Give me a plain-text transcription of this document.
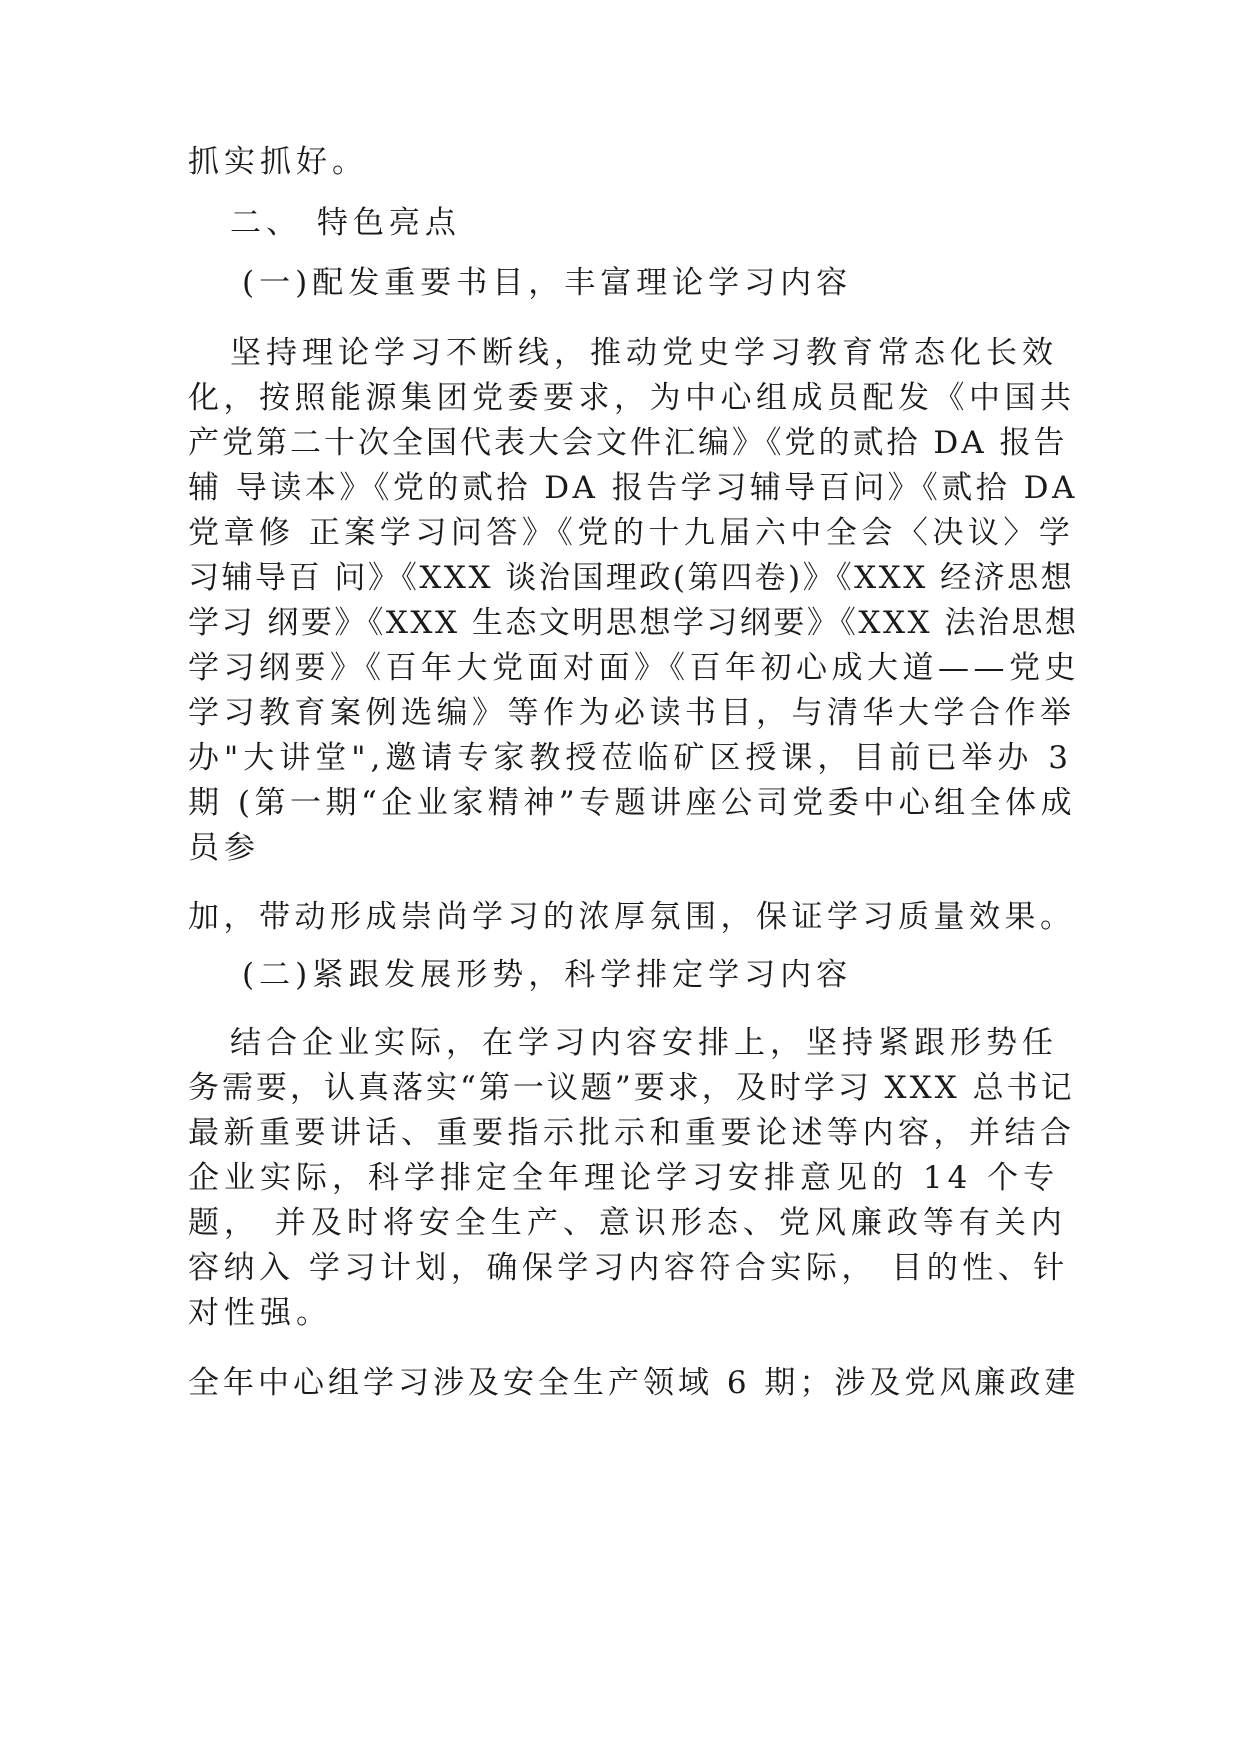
抓实抓好。
二、 特色亮点
(一)配发重要书目，丰富理论学习内容
坚持理论学习不断线，推动党史学习教育常态化长效
化，按照能源集团党委要求，为中心组成员配发《中国共
产党第二十次全国代表大会文件汇编》《党的贰拾 DA 报告
辅 导读本》《党的贰拾 DA 报告学习辅导百问》《贰拾 DA
党章修 正案学习问答》《党的十九届六中全会〈决议〉学
习辅导百 问》《XXX 谈治国理政(第四卷)》《XXX 经济思想
学习 纲要》《XXX 生态文明思想学习纲要》《XXX 法治思想
学习纲要》《百年大党面对面》《百年初心成大道——党史
学习教育案例选编》等作为必读书目，与清华大学合作举
办"大讲堂",邀请专家教授莅临矿区授课，目前已举办 3
期 (第一期“企业家精神”专题讲座公司党委中心组全体成
员参
加，带动形成崇尚学习的浓厚氛围，保证学习质量效果。
(二)紧跟发展形势，科学排定学习内容
结合企业实际，在学习内容安排上，坚持紧跟形势任
务需要，认真落实“第一议题”要求，及时学习 XXX 总书记
最新重要讲话、重要指示批示和重要论述等内容，并结合
企业实际，科学排定全年理论学习安排意见的 14 个专
题， 并及时将安全生产、意识形态、党风廉政等有关内
容纳入 学习计划，确保学习内容符合实际， 目的性、针
对性强。
全年中心组学习涉及安全生产领域 6 期；涉及党风廉政建
